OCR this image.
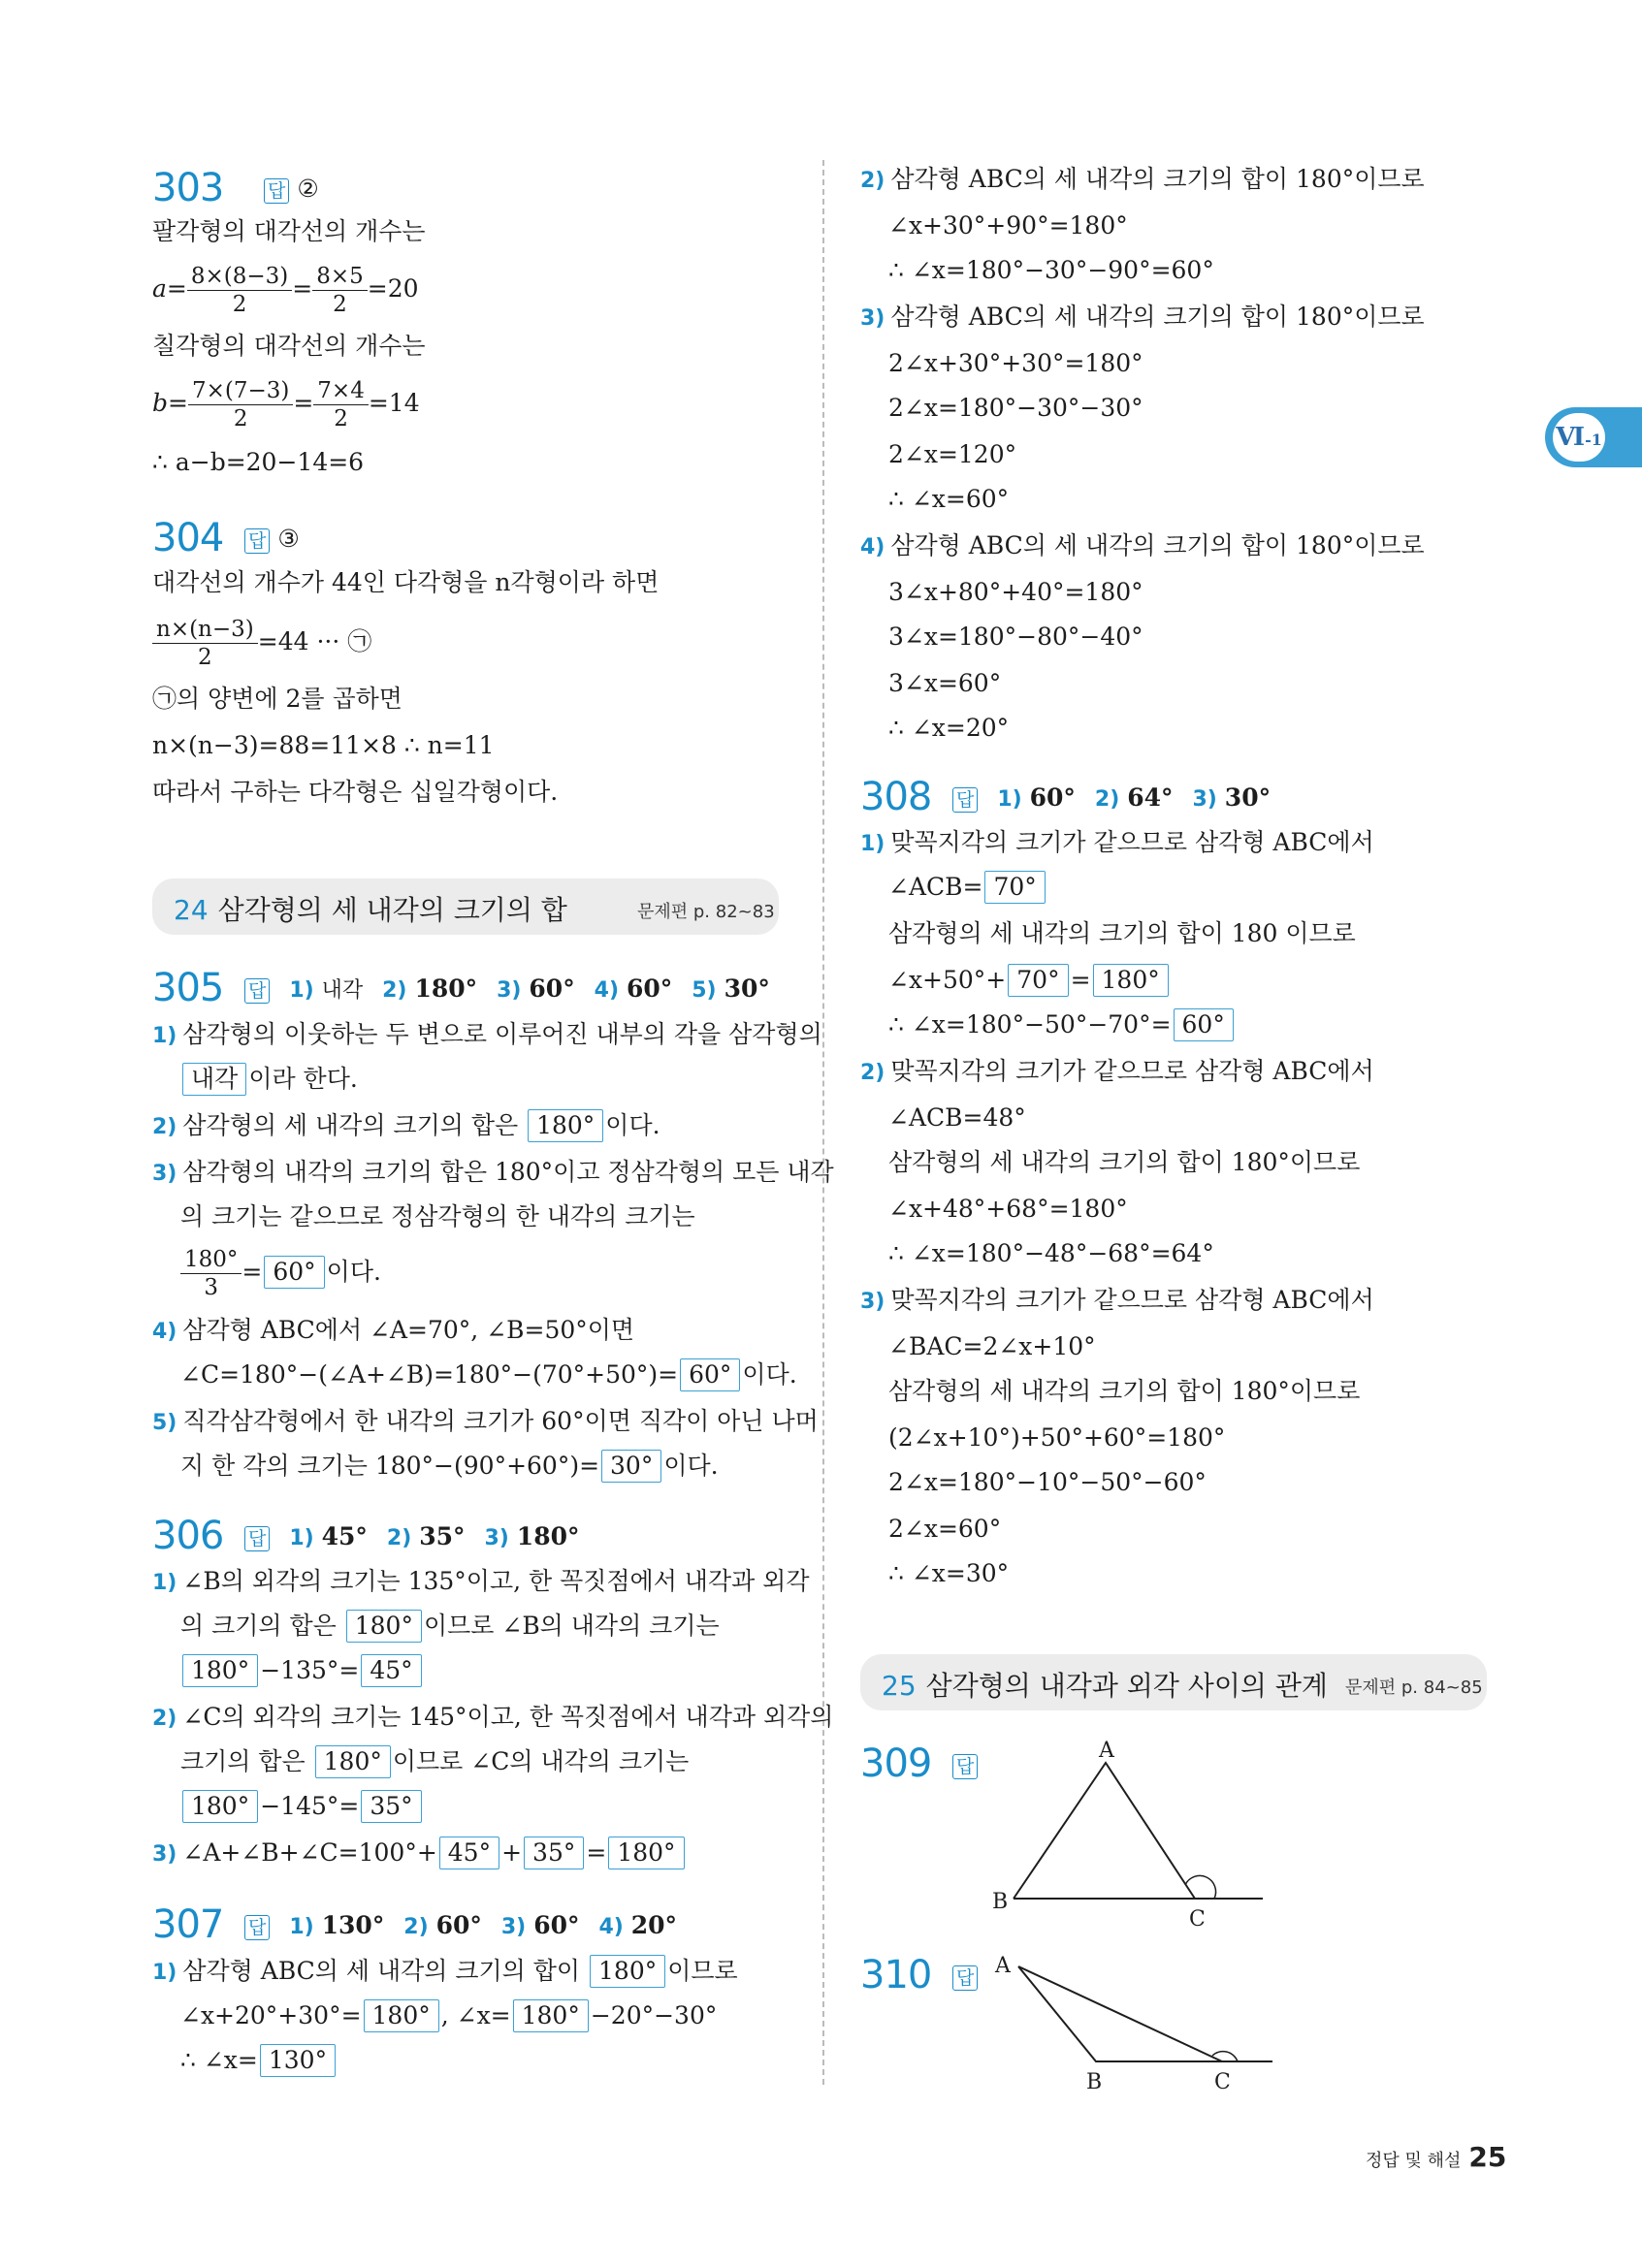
Ⅵ-1
303 답 ②
팔각형의 대각선의 개수는
$a= \frac{8\times(8-3)}{2} = \frac{8\times 5}{2} =20$
칠각형의 대각선의 개수는
$b= \frac{7\times(7-3)}{2} = \frac{7\times 4}{2} =14$
∴ a−b=20−14=6
304 답 ③
대각선의 개수가 44인 다각형을 n각형이라 하면
$\frac{n\times(n-3)}{2} =44$ ··· ㉠
㉠의 양변에 2를 곱하면
n×(n−3)=88=11×8 ∴ n=11
따라서 구하는 다각형은 십일각형이다.
24 삼각형의 세 내각의 크기의 합	문제편 p. 82~83
305 답 1) 내각 2) 180° 3) 60° 4) 60° 5) 30°
1) 삼각형의 이웃하는 두 변으로 이루어진 내부의 각을 삼각형의
내각 이라 한다.
2) 삼각형의 세 내각의 크기의 합은 180° 이다.
3) 삼각형의 내각의 크기의 합은 180°이고 정삼각형의 모든 내각
의 크기는 같으므로 정삼각형의 한 내각의 크기는
$\frac{180^\circ}{3} = 60^\circ$ 이다.
4) 삼각형 ABC에서 ∠A=70°, ∠B=50°이면
∠C=180°−(∠A+∠B)=180°−(70°+50°)= 60° 이다.
5) 직각삼각형에서 한 내각의 크기가 60°이면 직각이 아닌 나머
지 한 각의 크기는 180°−(90°+60°)= 30° 이다.
306 답 1) 45° 2) 35° 3) 180°
1) ∠B의 외각의 크기는 135°이고, 한 꼭짓점에서 내각과 외각
의 크기의 합은 180° 이므로 ∠B의 내각의 크기는
180° −135°= 45°
2) ∠C의 외각의 크기는 145°이고, 한 꼭짓점에서 내각과 외각의
크기의 합은 180° 이므로 ∠C의 내각의 크기는
180° −145°= 35°
3) ∠A+∠B+∠C=100°+ 45° + 35° = 180°
307 답 1) 130° 2) 60° 3) 60° 4) 20°
1) 삼각형 ABC의 세 내각의 크기의 합이 180° 이므로
∠x+20°+30°= 180° , ∠x= 180° −20°−30°
∴ ∠x= 130°
2) 삼각형 ABC의 세 내각의 크기의 합이 180°이므로
∠x+30°+90°=180°
∴ ∠x=180°−30°−90°=60°
3) 삼각형 ABC의 세 내각의 크기의 합이 180°이므로
2∠x+30°+30°=180°
2∠x=180°−30°−30°
2∠x=120°
∴ ∠x=60°
4) 삼각형 ABC의 세 내각의 크기의 합이 180°이므로
3∠x+80°+40°=180°
3∠x=180°−80°−40°
3∠x=60°
∴ ∠x=20°
308 답 1) 60° 2) 64° 3) 30°
1) 맞꼭지각의 크기가 같으므로 삼각형 ABC에서
∠ACB= 70°
삼각형의 세 내각의 크기의 합이 180 이므로
∠x+50°+ 70° = 180°
∴ ∠x=180°−50°−70°= 60°
2) 맞꼭지각의 크기가 같으므로 삼각형 ABC에서
∠ACB=48°
삼각형의 세 내각의 크기의 합이 180°이므로
∠x+48°+68°=180°
∴ ∠x=180°−48°−68°=64°
3) 맞꼭지각의 크기가 같으므로 삼각형 ABC에서
∠BAC=2∠x+10°
삼각형의 세 내각의 크기의 합이 180°이므로
(2∠x+10°)+50°+60°=180°
2∠x=180°−10°−50°−60°
2∠x=60°
∴ ∠x=30°
25 삼각형의 내각과 외각 사이의 관계 문제편 p. 84~85
309 답
A
B
C
310 답 A
B	C
정답 및 해설 25
